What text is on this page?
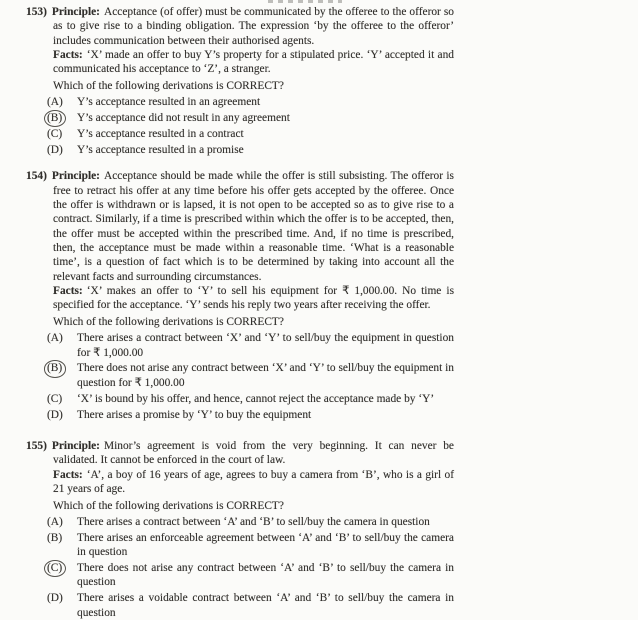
153) Principle: Acceptance (of offer) must be communicated by the offeree to the offeror so as to give rise to a binding obligation. The expression ‘by the offeree to the offeror’ includes communication between their authorised agents.

Facts: ‘X’ made an offer to buy Y’s property for a stipulated price. ‘Y’ accepted it and communicated his acceptance to ‘Z’, a stranger.

Which of the following derivations is CORRECT?

(A)	Y’s acceptance resulted in an agreement
(B)	Y’s acceptance did not result in any agreement
(C)	Y’s acceptance resulted in a contract
(D)	Y’s acceptance resulted in a promise

154) Principle: Acceptance should be made while the offer is still subsisting. The offeror is free to retract his offer at any time before his offer gets accepted by the offeree. Once the offer is withdrawn or is lapsed, it is not open to be accepted so as to give rise to a contract. Similarly, if a time is prescribed within which the offer is to be accepted, then, the offer must be accepted within the prescribed time. And, if no time is prescribed, then, the acceptance must be made within a reasonable time. ‘What is a reasonable time’, is a question of fact which is to be determined by taking into account all the relevant facts and surrounding circumstances.

Facts: ‘X’ makes an offer to ‘Y’ to sell his equipment for ₹ 1,000.00. No time is specified for the acceptance. ‘Y’ sends his reply two years after receiving the offer.

Which of the following derivations is CORRECT?

(A)	There arises a contract between ‘X’ and ‘Y’ to sell/buy the equipment in question for ₹ 1,000.00
(B)	There does not arise any contract between ‘X’ and ‘Y’ to sell/buy the equipment in question for ₹ 1,000.00
(C)	‘X’ is bound by his offer, and hence, cannot reject the acceptance made by ‘Y’
(D)	There arises a promise by ‘Y’ to buy the equipment

155) Principle: Minor’s agreement is void from the very beginning. It can never be validated. It cannot be enforced in the court of law.

Facts: ‘A’, a boy of 16 years of age, agrees to buy a camera from ‘B’, who is a girl of 21 years of age.

Which of the following derivations is CORRECT?

(A)	There arises a contract between ‘A’ and ‘B’ to sell/buy the camera in question
(B)	There arises an enforceable agreement between ‘A’ and ‘B’ to sell/buy the camera in question
(C)	There does not arise any contract between ‘A’ and ‘B’ to sell/buy the camera in question
(D)	There arises a voidable contract between ‘A’ and ‘B’ to sell/buy the camera in question
